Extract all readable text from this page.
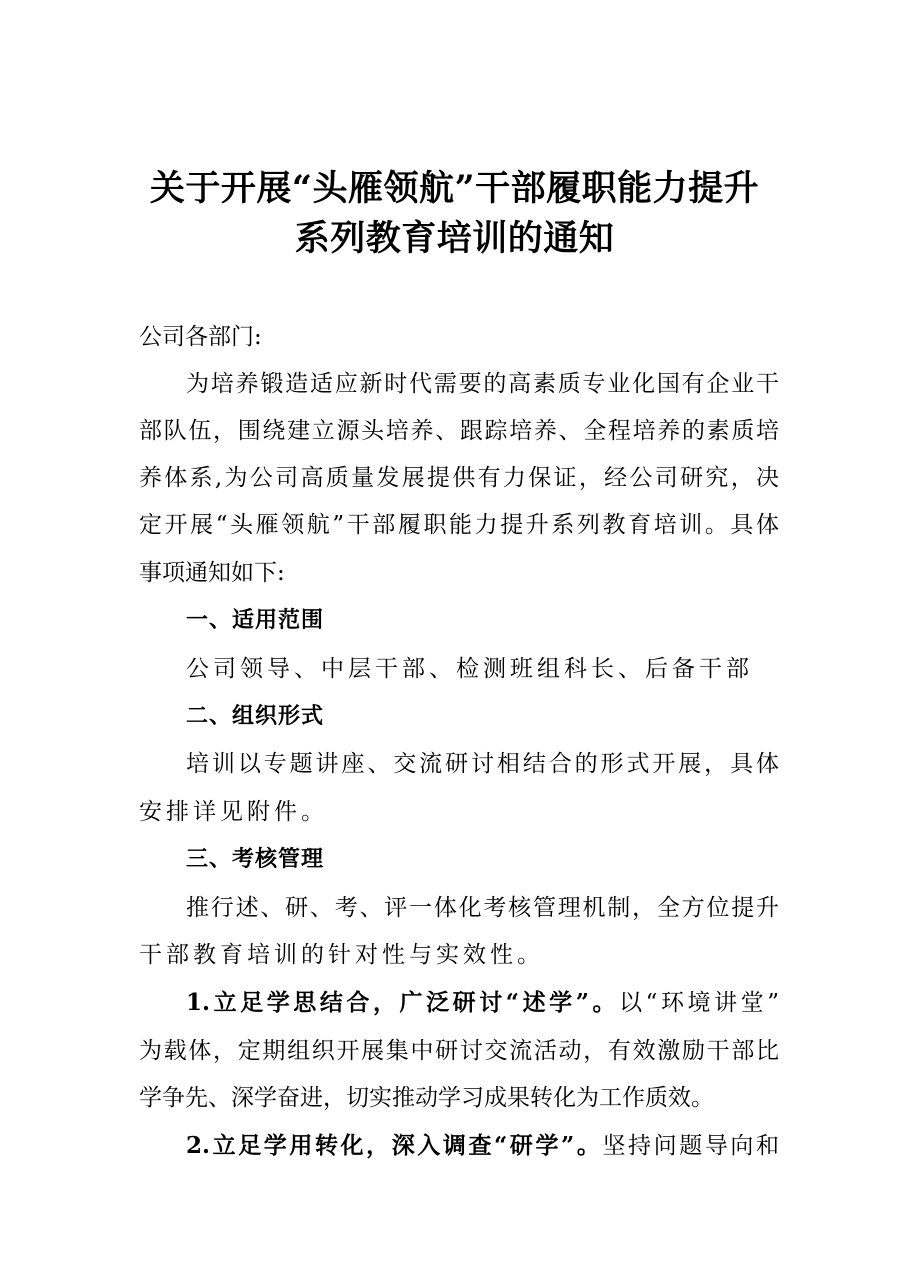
关于开展“头雁领航”干部履职能力提升
系列教育培训的通知
公司各部门:
为培养锻造适应新时代需要的高素质专业化国有企业干
部队伍，围绕建立源头培养、跟踪培养、全程培养的素质培
养体系,为公司高质量发展提供有力保证，经公司研究，决
定开展“头雁领航”干部履职能力提升系列教育培训。具体
事项通知如下:
一、适用范围
公司领导、中层干部、检测班组科长、后备干部
二、组织形式
培训以专题讲座、交流研讨相结合的形式开展，具体
安排详见附件。
三、考核管理
推行述、研、考、评一体化考核管理机制，全方位提升
干部教育培训的针对性与实效性。
1.立足学思结合，广泛研讨“述学”。以“环境讲堂”
为载体，定期组织开展集中研讨交流活动，有效激励干部比
学争先、深学奋进，切实推动学习成果转化为工作质效。
2.立足学用转化，深入调查“研学”。坚持问题导向和
